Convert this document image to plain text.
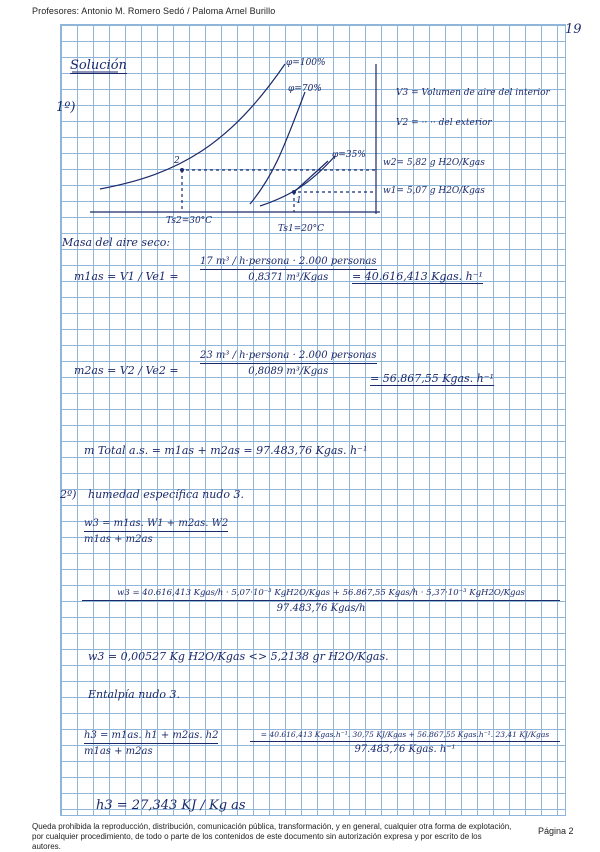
Profesores: Antonio M. Romero Sedó / Paloma Arnel Burillo
19
Solución
1º)
φ=100%
φ=70%
φ=35%
2
1
w2= 5,82 g H2O/Kgas
w1= 5,07 g H2O/Kgas
Ts2=30°C
Ts1=20°C
V3 = Volumen de aire del interior
V2 = ·· ·· del exterior
Masa del aire seco:
m1as = V1 / Ve1 =
17 m³ / h·persona · 2.000 personas
0,8371 m³/Kgas = 40.616,413 Kgas. h⁻¹
m2as = V2 / Ve2 =
23 m³ / h·persona · 2.000 personas
0,8089 m³/Kgas
= 56.867,55 Kgas. h⁻¹
m Total a.s. = m1as + m2as = 97.483,76 Kgas. h⁻¹
2º) humedad específica nudo 3.
w3 = m1as. W1 + m2as. W2
m1as + m2as
w3 = 40.616,413 Kgas/h · 5,07·10⁻³ KgH2O/Kgas + 56.867,55 Kgas/h · 5,37·10⁻³ KgH2O/Kgas
97.483,76 Kgas/h
w3 = 0,00527 Kg H2O/Kgas <> 5,2138 gr H2O/Kgas.
Entalpía nudo 3.
h3 = m1as. h1 + m2as. h2
m1as + m2as
= 40.616,413 Kgas.h⁻¹. 30,75 KJ/Kgas + 56.867,55 Kgas.h⁻¹. 23,41 KJ/Kgas
97.483,76 Kgas. h⁻¹
h3 = 27,343 KJ / Kg as
Queda prohibida la reproducción, distribución, comunicación pública, transformación, y en general, cualquier otra forma de explotación, por cualquier procedimiento, de todo o parte de los contenidos de este documento sin autorización expresa y por escrito de los autores.
Página 2
